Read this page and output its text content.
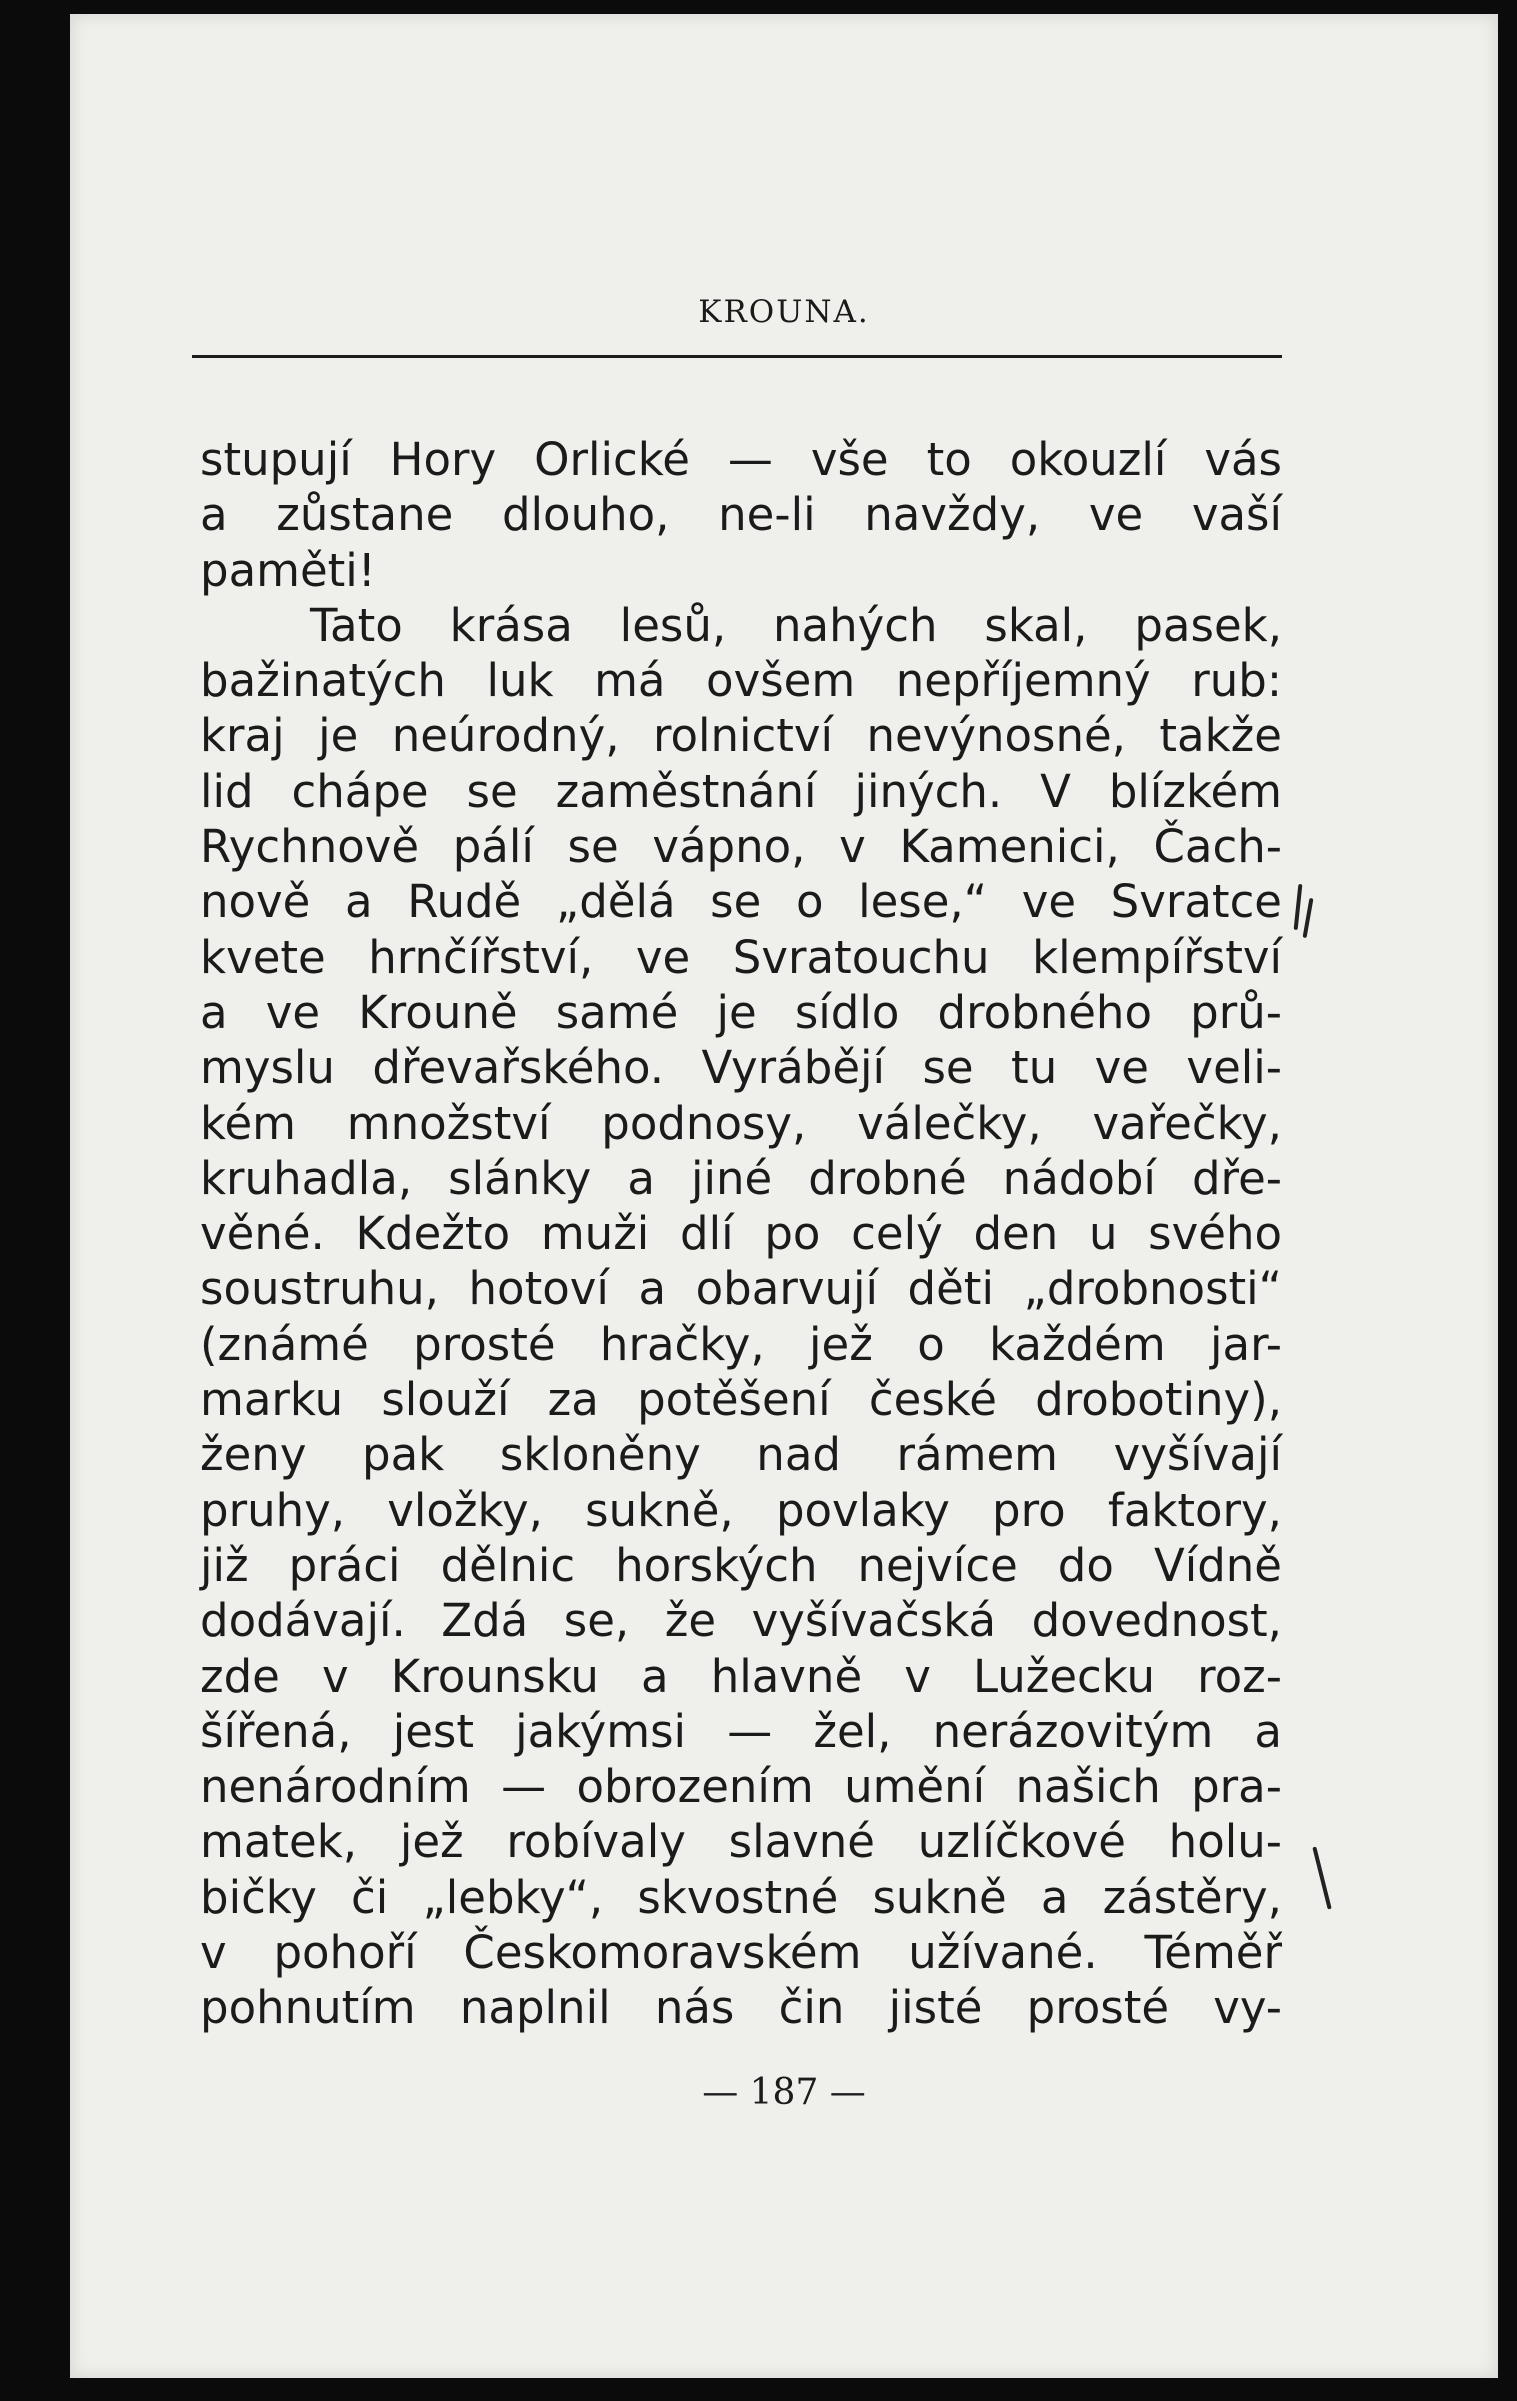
KROUNA.
stupují Hory Orlické — vše to okouzlí vás
a zůstane dlouho, ne-li navždy, ve vaší
paměti!
Tato krása lesů, nahých skal, pasek,
bažinatých luk má ovšem nepříjemný rub:
kraj je neúrodný, rolnictví nevýnosné, takže
lid chápe se zaměstnání jiných. V blízkém
Rychnově pálí se vápno, v Kamenici, Čach-
nově a Rudě „dělá se o lese,“ ve Svratce
kvete hrnčířství, ve Svratouchu klempířství
a ve Krouně samé je sídlo drobného prů-
myslu dřevařského. Vyrábějí se tu ve veli-
kém množství podnosy, válečky, vařečky,
kruhadla, slánky a jiné drobné nádobí dře-
věné. Kdežto muži dlí po celý den u svého
soustruhu, hotoví a obarvují děti „drobnosti“
(známé prosté hračky, jež o každém jar-
marku slouží za potěšení české drobotiny),
ženy pak skloněny nad rámem vyšívají
pruhy, vložky, sukně, povlaky pro faktory,
již práci dělnic horských nejvíce do Vídně
dodávají. Zdá se, že vyšívačská dovednost,
zde v Krounsku a hlavně v Lužecku roz-
šířená, jest jakýmsi — žel, nerázovitým a
nenárodním — obrozením umění našich pra-
matek, jež robívaly slavné uzlíčkové holu-
bičky či „lebky“, skvostné sukně a zástěry,
v pohoří Českomoravském užívané. Téměř
pohnutím naplnil nás čin jisté prosté vy-
— 187 —
